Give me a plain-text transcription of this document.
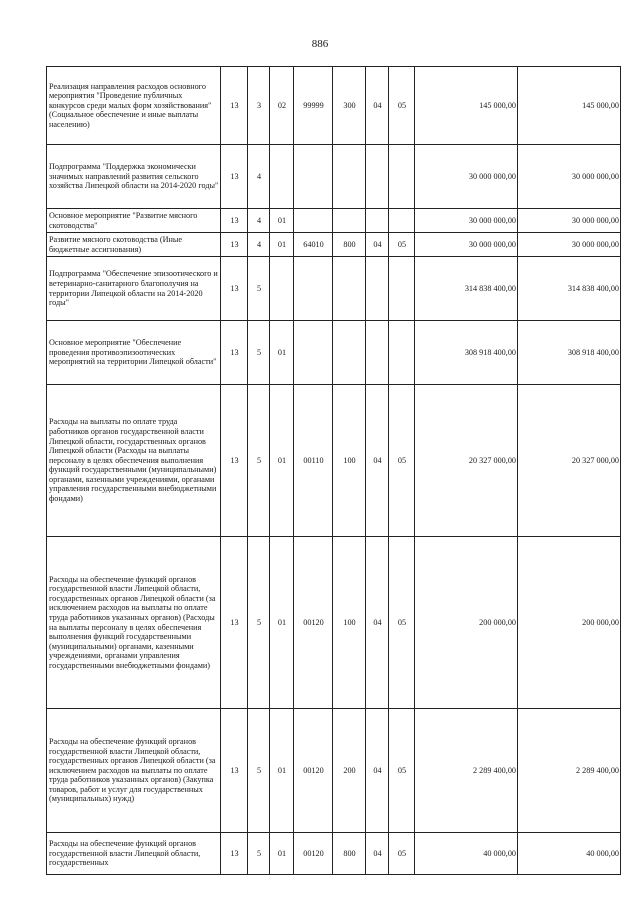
886
Реализация направления расходов основного мероприятия "Проведение публичных конкурсов среди малых форм хозяйствования" (Социальное обеспечение и иные выплаты населению)	13	3	02	99999	300	04	05	145 000,00	145 000,00
Подпрограмма "Поддержка экономически значимых направлений развития сельского хозяйства Липецкой области на 2014-2020 годы"	13	4						30 000 000,00	30 000 000,00
Основное мероприятие "Развитие мясного скотоводства"	13	4	01					30 000 000,00	30 000 000,00
Развитие мясного скотоводства (Иные бюджетные ассигнования)	13	4	01	64010	800	04	05	30 000 000,00	30 000 000,00
Подпрограмма "Обеспечение эпизоотического и ветеринарно-санитарного благополучия на территории Липецкой области на 2014-2020 годы"	13	5						314 838 400,00	314 838 400,00
Основное мероприятие "Обеспечение проведения противоэпизоотических мероприятий на территории Липецкой области"	13	5	01					308 918 400,00	308 918 400,00
Расходы на выплаты по оплате труда работников органов государственной власти Липецкой области, государственных органов Липецкой области (Расходы на выплаты персоналу в целях обеспечения выполнения функций государственными (муниципальными) органами, казенными учреждениями, органами управления государственными внебюджетными фондами)	13	5	01	00110	100	04	05	20 327 000,00	20 327 000,00
Расходы на обеспечение функций органов государственной власти Липецкой области, государственных органов Липецкой области (за исключением расходов на выплаты по оплате труда работников указанных органов) (Расходы на выплаты персоналу в целях обеспечения выполнения функций государственными (муниципальными) органами, казенными учреждениями, органами управления государственными внебюджетными фондами)	13	5	01	00120	100	04	05	200 000,00	200 000,00
Расходы на обеспечение функций органов государственной власти Липецкой области, государственных органов Липецкой области (за исключением расходов на выплаты по оплате труда работников указанных органов) (Закупка товаров, работ и услуг для государственных (муниципальных) нужд)	13	5	01	00120	200	04	05	2 289 400,00	2 289 400,00
Расходы на обеспечение функций органов государственной власти Липецкой области, государственных	13	5	01	00120	800	04	05	40 000,00	40 000,00
